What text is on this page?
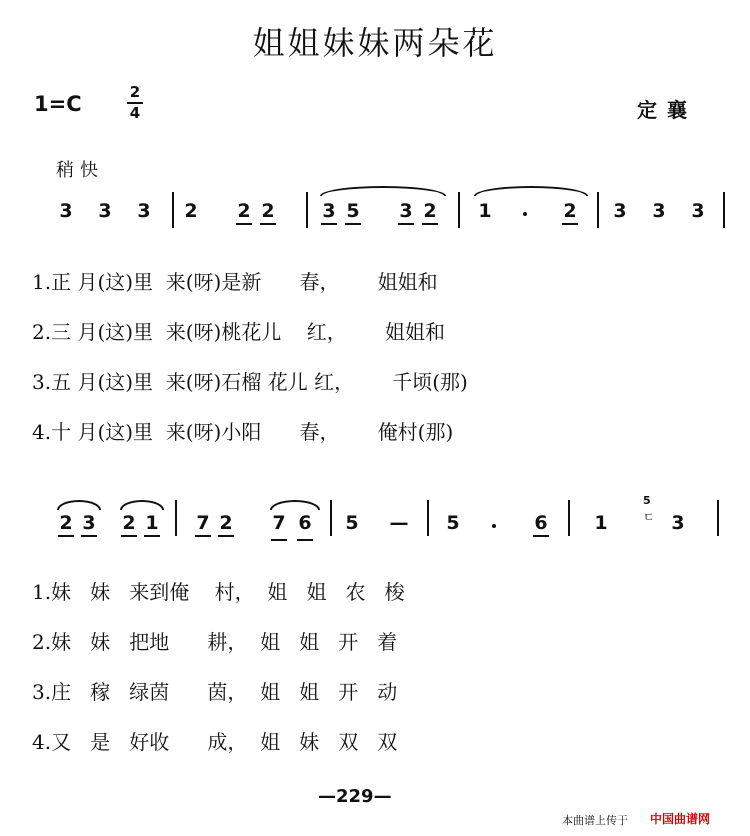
姐姐妹妹两朵花
1=C	2
4	定襄
稍快
3 3 3 2 2 2	3 5 3 2 1	2 3 3 3
1.正 月(这)里  来(呀)是新      春，      姐姐和
2.三 月(这)里  来(呀)桃花儿    红，      姐姐和
3.五 月(这)里  来(呀)石榴 花儿 红，      千顷(那)
4.十 月(这)里  来(呀)小阳      春，      俺村(那)
2 3 2 1 7 2 7 6 5 — 5	6 1
5
ㄷ 3
1.妹   妹   来到俺    村，  姐   姐   农   梭
2.妹   妹   把地      耕，  姐   姐   开   着
3.庄   稼   绿茵      茵，  姐   姐   开   动
4.又   是   好收      成，  姐   妹   双   双
—229—
本曲谱上传于 中国曲谱网
